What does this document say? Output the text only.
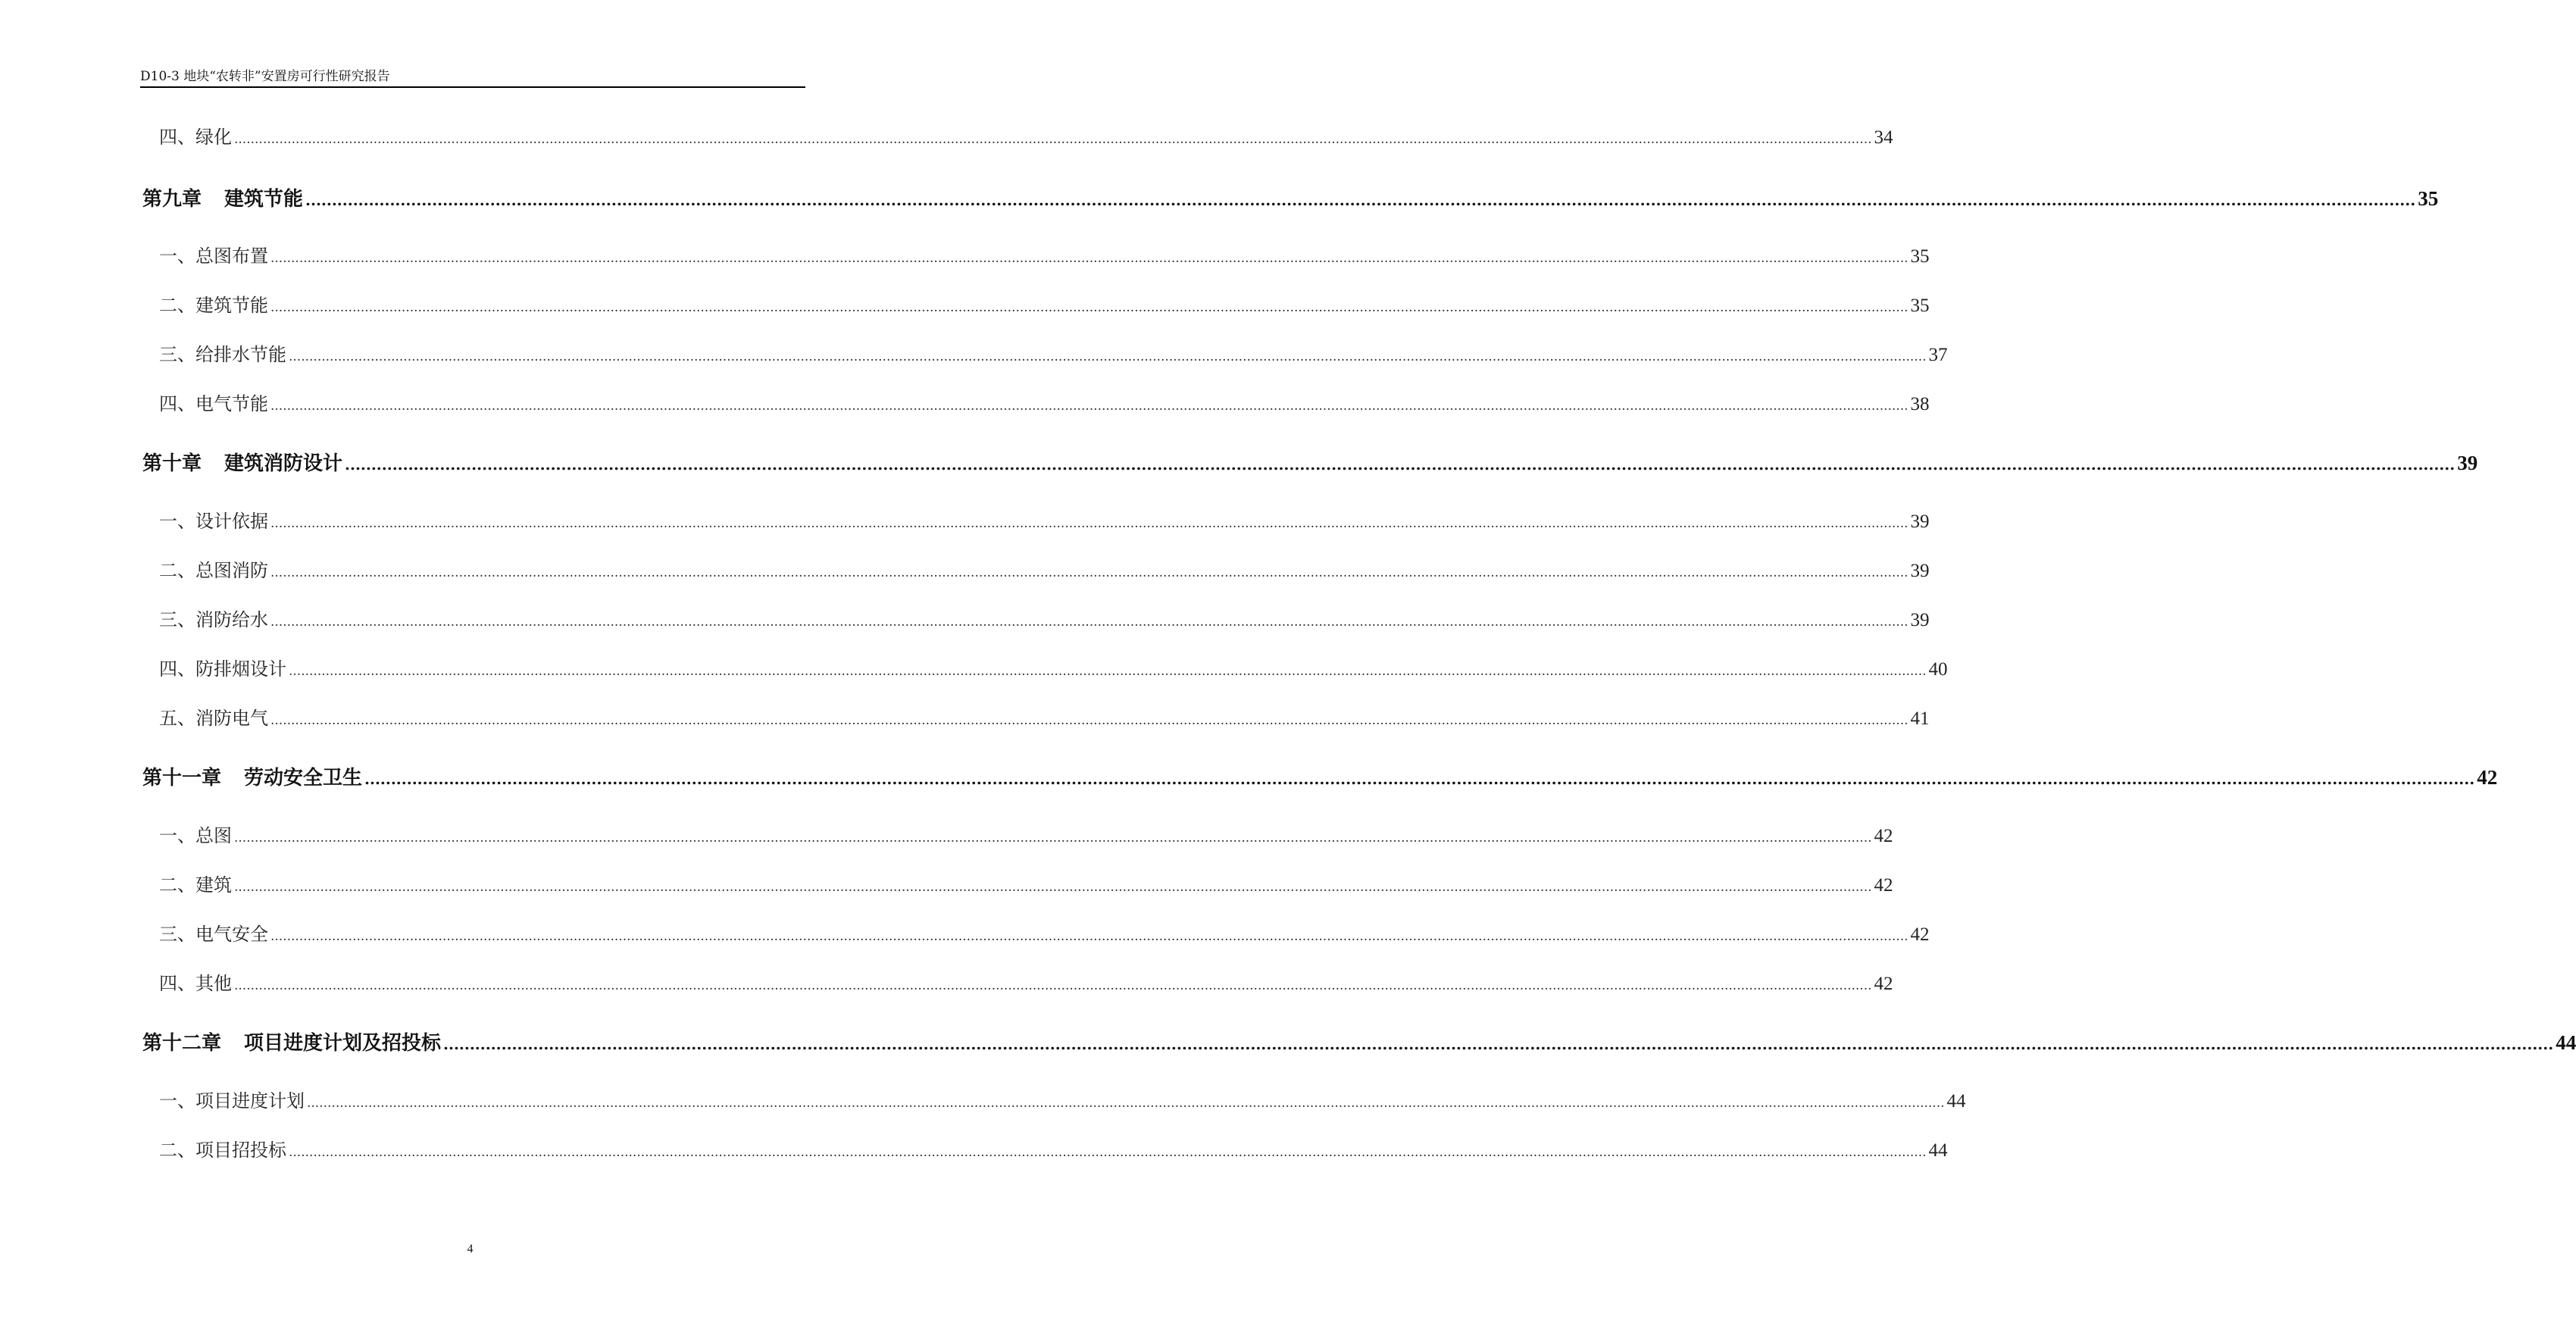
D10-3 地块“农转非”安置房可行性研究报告
四、 绿化 ................................................................................................................................................................................................................................................................................................................................................................................................................ 34
第九章 建筑节能 ................................................................................................................................................................................................................................................................................................................................................................................................................ 35
一、 总图布置 ................................................................................................................................................................................................................................................................................................................................................................................................................ 35
二、 建筑节能 ................................................................................................................................................................................................................................................................................................................................................................................................................ 35
三、 给排水节能 ................................................................................................................................................................................................................................................................................................................................................................................................................ 37
四、 电气节能 ................................................................................................................................................................................................................................................................................................................................................................................................................ 38
第十章 建筑消防设计 ................................................................................................................................................................................................................................................................................................................................................................................................................ 39
一、 设计依据 ................................................................................................................................................................................................................................................................................................................................................................................................................ 39
二、 总图消防 ................................................................................................................................................................................................................................................................................................................................................................................................................ 39
三、 消防给水 ................................................................................................................................................................................................................................................................................................................................................................................................................ 39
四、 防排烟设计 ................................................................................................................................................................................................................................................................................................................................................................................................................ 40
五、 消防电气 ................................................................................................................................................................................................................................................................................................................................................................................................................ 41
第十一章 劳动安全卫生 ................................................................................................................................................................................................................................................................................................................................................................................................................ 42
一、 总图 ................................................................................................................................................................................................................................................................................................................................................................................................................ 42
二、 建筑 ................................................................................................................................................................................................................................................................................................................................................................................................................ 42
三、 电气安全 ................................................................................................................................................................................................................................................................................................................................................................................................................ 42
四、 其他 ................................................................................................................................................................................................................................................................................................................................................................................................................ 42
第十二章 项目进度计划及招投标 ................................................................................................................................................................................................................................................................................................................................................................................................................ 44
一、 项目进度计划 ................................................................................................................................................................................................................................................................................................................................................................................................................ 44
二、 项目招投标 ................................................................................................................................................................................................................................................................................................................................................................................................................ 44
4
